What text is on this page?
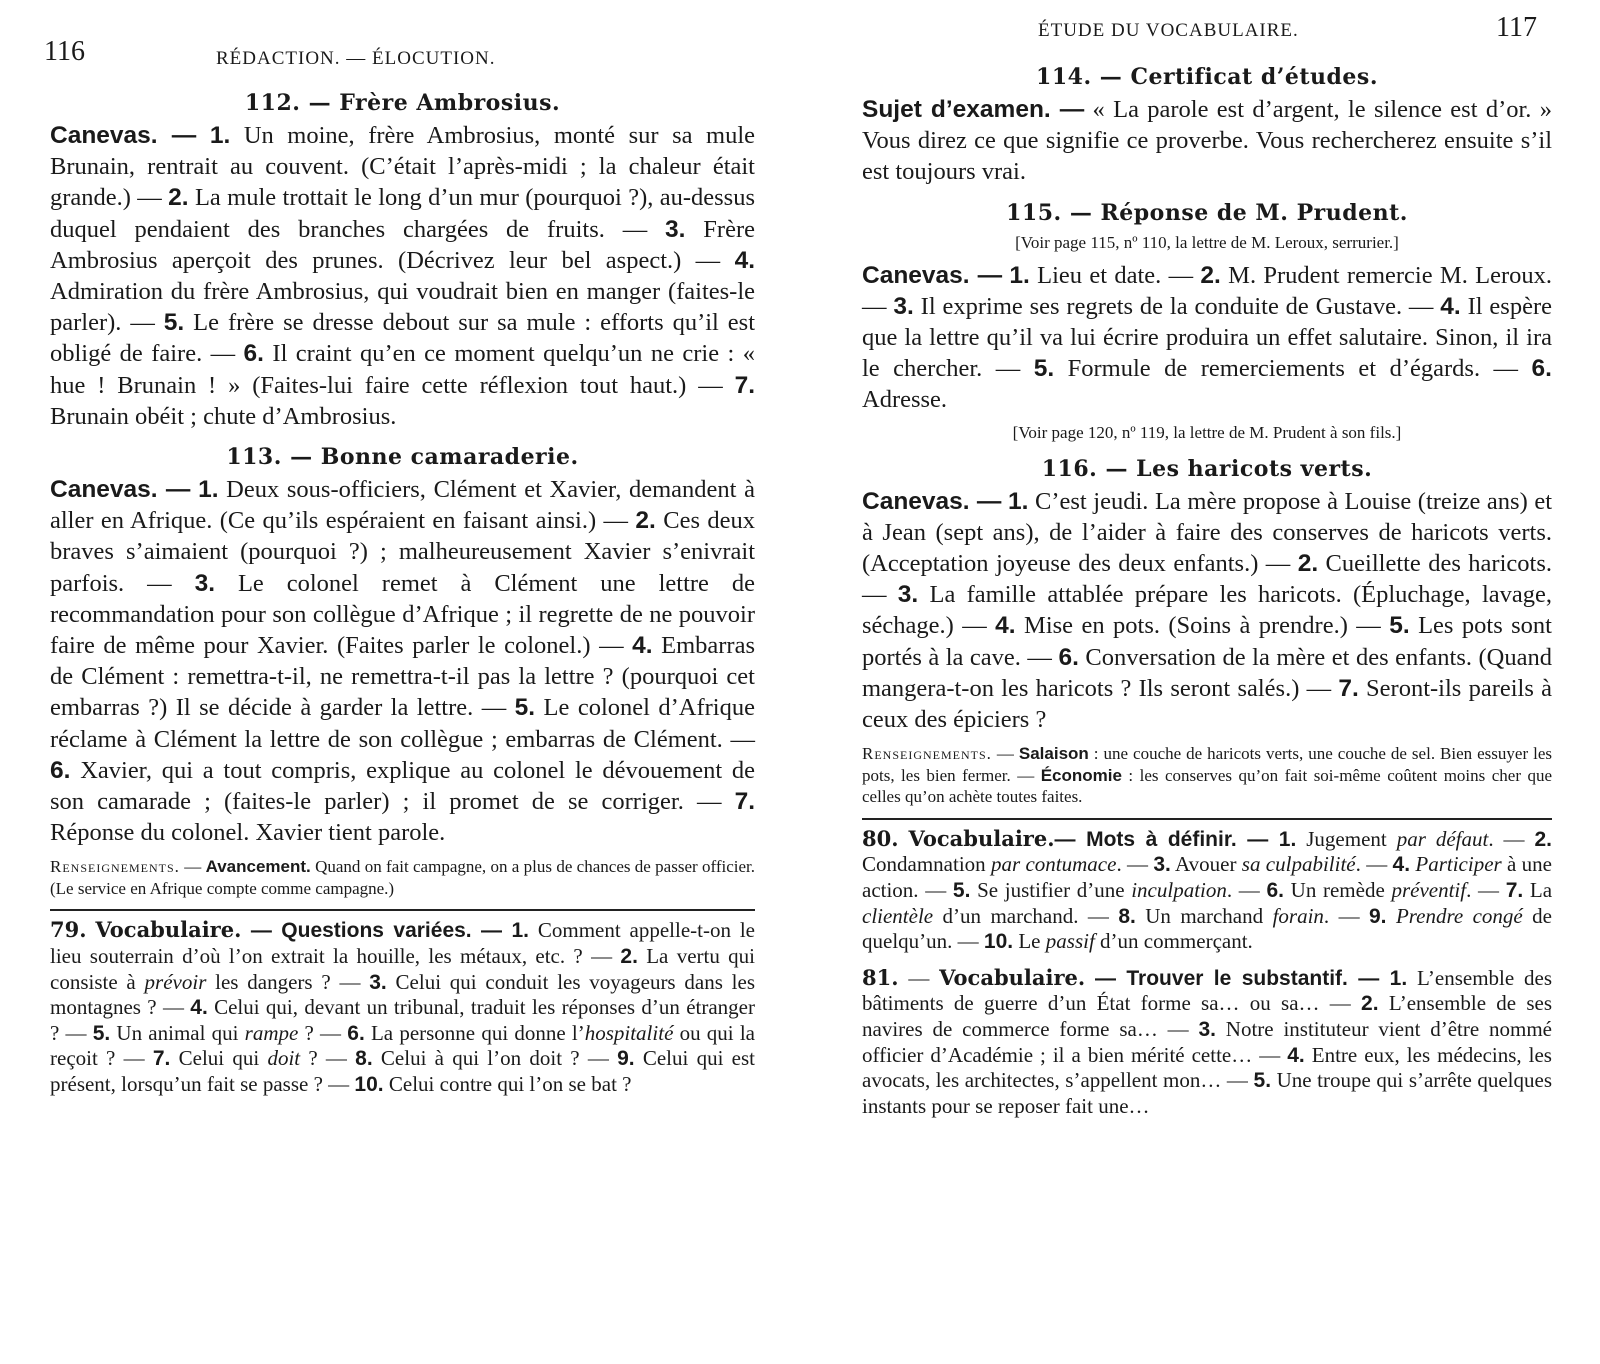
116	RÉDACTION. — ÉLOCUTION.
112. — Frère Ambrosius.

Canevas. — 1. Un moine, frère Ambrosius, monté sur sa mule Brunain, rentrait au couvent. (C’était l’après-midi ; la chaleur était grande.) — 2. La mule trottait le long d’un mur (pourquoi ?), au-dessus duquel pendaient des branches chargées de fruits. — 3. Frère Ambrosius aperçoit des prunes. (Décrivez leur bel aspect.) — 4. Admiration du frère Ambrosius, qui voudrait bien en manger (faites-le parler). — 5. Le frère se dresse debout sur sa mule : efforts qu’il est obligé de faire. — 6. Il craint qu’en ce moment quelqu’un ne crie : « hue ! Brunain ! » (Faites-lui faire cette réflexion tout haut.) — 7. Brunain obéit ; chute d’Ambrosius.

113. — Bonne camaraderie.

Canevas. — 1. Deux sous-officiers, Clément et Xavier, demandent à aller en Afrique. (Ce qu’ils espéraient en faisant ainsi.) — 2. Ces deux braves s’aimaient (pourquoi ?) ; malheureusement Xavier s’enivrait parfois. — 3. Le colonel remet à Clément une lettre de recommandation pour son collègue d’Afrique ; il regrette de ne pouvoir faire de même pour Xavier. (Faites parler le colonel.) — 4. Embarras de Clément : remettra-t-il, ne remettra-t-il pas la lettre ? (pourquoi cet embarras ?) Il se décide à garder la lettre. — 5. Le colonel d’Afrique réclame à Clément la lettre de son collègue ; embarras de Clément. — 6. Xavier, qui a tout compris, explique au colonel le dévouement de son camarade ; (faites-le parler) ; il promet de se corriger. — 7. Réponse du colonel. Xavier tient parole.

Renseignements. — Avancement. Quand on fait campagne, on a plus de chances de passer officier. (Le service en Afrique compte comme campagne.)

79. Vocabulaire. — Questions variées. — 1. Comment appelle-t-on le lieu souterrain d’où l’on extrait la houille, les métaux, etc. ? — 2. La vertu qui consiste à prévoir les dangers ? — 3. Celui qui conduit les voyageurs dans les montagnes ? — 4. Celui qui, devant un tribunal, traduit les réponses d’un étranger ? — 5. Un animal qui rampe ? — 6. La personne qui donne l’hospitalité ou qui la reçoit ? — 7. Celui qui doit ? — 8. Celui à qui l’on doit ? — 9. Celui qui est présent, lorsqu’un fait se passe ? — 10. Celui contre qui l’on se bat ?

ÉTUDE DU VOCABULAIRE.	117
114. — Certificat d’études.

Sujet d’examen. — « La parole est d’argent, le silence est d’or. » Vous direz ce que signifie ce proverbe. Vous rechercherez ensuite s’il est toujours vrai.

115. — Réponse de M. Prudent.

[Voir page 115, nº 110, la lettre de M. Leroux, serrurier.]

Canevas. — 1. Lieu et date. — 2. M. Prudent remercie M. Leroux. — 3. Il exprime ses regrets de la conduite de Gustave. — 4. Il espère que la lettre qu’il va lui écrire produira un effet salutaire. Sinon, il ira le chercher. — 5. Formule de remerciements et d’égards. — 6. Adresse.

[Voir page 120, nº 119, la lettre de M. Prudent à son fils.]

116. — Les haricots verts.

Canevas. — 1. C’est jeudi. La mère propose à Louise (treize ans) et à Jean (sept ans), de l’aider à faire des conserves de haricots verts. (Acceptation joyeuse des deux enfants.) — 2. Cueillette des haricots. — 3. La famille attablée prépare les haricots. (Épluchage, lavage, séchage.) — 4. Mise en pots. (Soins à prendre.) — 5. Les pots sont portés à la cave. — 6. Conversation de la mère et des enfants. (Quand mangera-t-on les haricots ? Ils seront salés.) — 7. Seront-ils pareils à ceux des épiciers ?

Renseignements. — Salaison : une couche de haricots verts, une couche de sel. Bien essuyer les pots, les bien fermer. — Économie : les conserves qu’on fait soi-même coûtent moins cher que celles qu’on achète toutes faites.

80. Vocabulaire.— Mots à définir. — 1. Jugement par défaut. — 2. Condamnation par contumace. — 3. Avouer sa culpabilité. — 4. Participer à une action. — 5. Se justifier d’une inculpation. — 6. Un remède préventif. — 7. La clientèle d’un marchand. — 8. Un marchand forain. — 9. Prendre congé de quelqu’un. — 10. Le passif d’un commerçant.

81. — Vocabulaire. — Trouver le substantif. — 1. L’ensemble des bâtiments de guerre d’un État forme sa… ou sa… — 2. L’ensemble de ses navires de commerce forme sa… — 3. Notre instituteur vient d’être nommé officier d’Académie ; il a bien mérité cette… — 4. Entre eux, les médecins, les avocats, les architectes, s’appellent mon… — 5. Une troupe qui s’arrête quelques instants pour se reposer fait une…
